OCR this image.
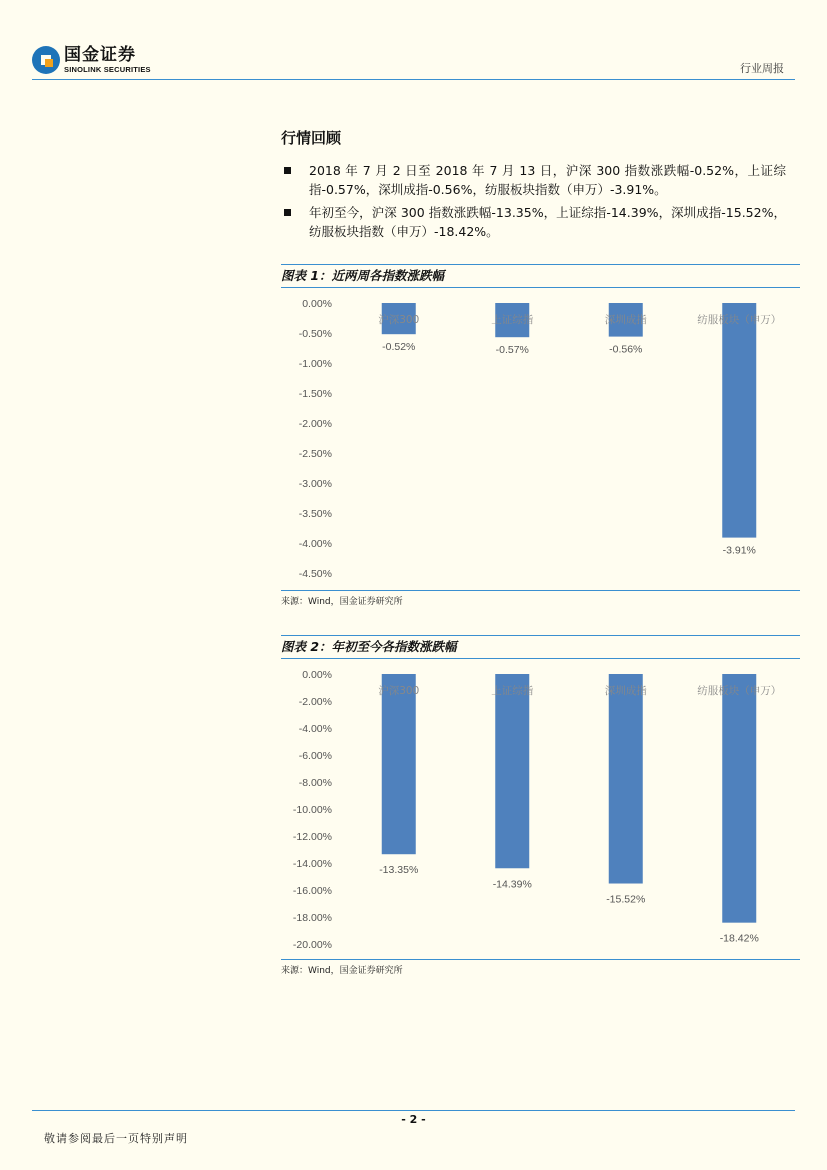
国金证券
SINOLINK SECURITIES	行业周报
行情回顾
2018 年 7 月 2 日至 2018 年 7 月 13 日，沪深 300 指数涨跌幅-0.52%，上证综指-0.57%，深圳成指-0.56%，纺服板块指数（申万）-3.91%。
年初至今，沪深 300 指数涨跌幅-13.35%，上证综指-14.39%，深圳成指-15.52%，纺服板块指数（申万）-18.42%。
图表 1：近两周各指数涨跌幅
0.00%
-0.50%
-1.00%
-1.50%
-2.00%
-2.50%
-3.00%
-3.50%
-4.00%
-4.50%
-0.52%	-0.57%	-0.56%
-3.91%
沪深300	上证综指	深圳成指	纺服板块（申万）
来源：Wind，国金证券研究所
图表 2：年初至今各指数涨跌幅
0.00%
-2.00%
-4.00%
-6.00%
-8.00%
-10.00%
-12.00%
-14.00%
-16.00%
-18.00%
-20.00%
-13.35%
-14.39%
-15.52%
-18.42%
沪深300	上证综指	深圳成指	纺服板块（申万）
来源：Wind，国金证券研究所
- 2 -
敬请参阅最后一页特别声明
